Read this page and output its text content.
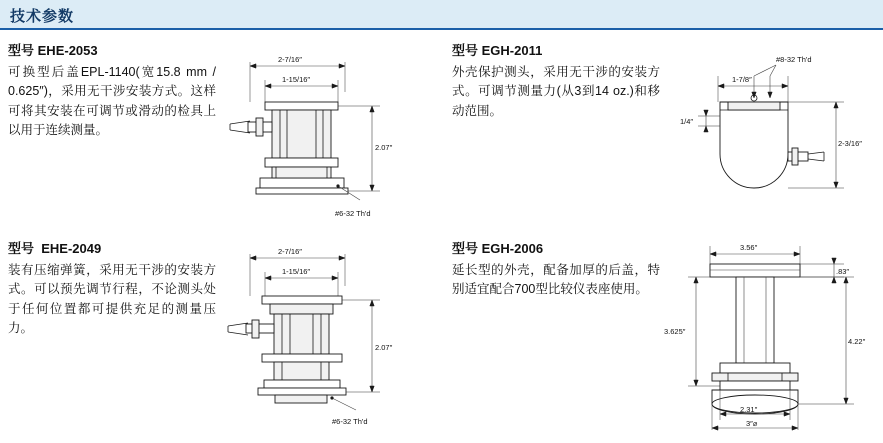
技术参数
型号 EHE-2053
可换型后盖EPL-1140(宽15.8 mm / 0.625″)，采用无干涉安装方式。这样可将其安装在可调节或滑动的检具上以用于连续测量。
2-7/16″
1-15/16″
2.07″
#6-32 Th'd
型号 EGH-2011
外壳保护测头，采用无干涉的安装方式。可调节测量力(从3到14 oz.)和移动范围。
#8-32 Th'd
1-7/8″
1/4″
2-3/16″
型号 EHE-2049
装有压缩弹簧，采用无干涉的安装方式。可以预先调节行程，不论测头处于任何位置都可提供充足的测量压力。
2-7/16″
1-15/16″
2.07″
#6-32 Th'd
型号 EGH-2006
延长型的外壳，配备加厚的后盖，特别适宜配合700型比较仪表座使用。
3.56″
.83″
3.625″
4.22″
2.31″
3″⌀
